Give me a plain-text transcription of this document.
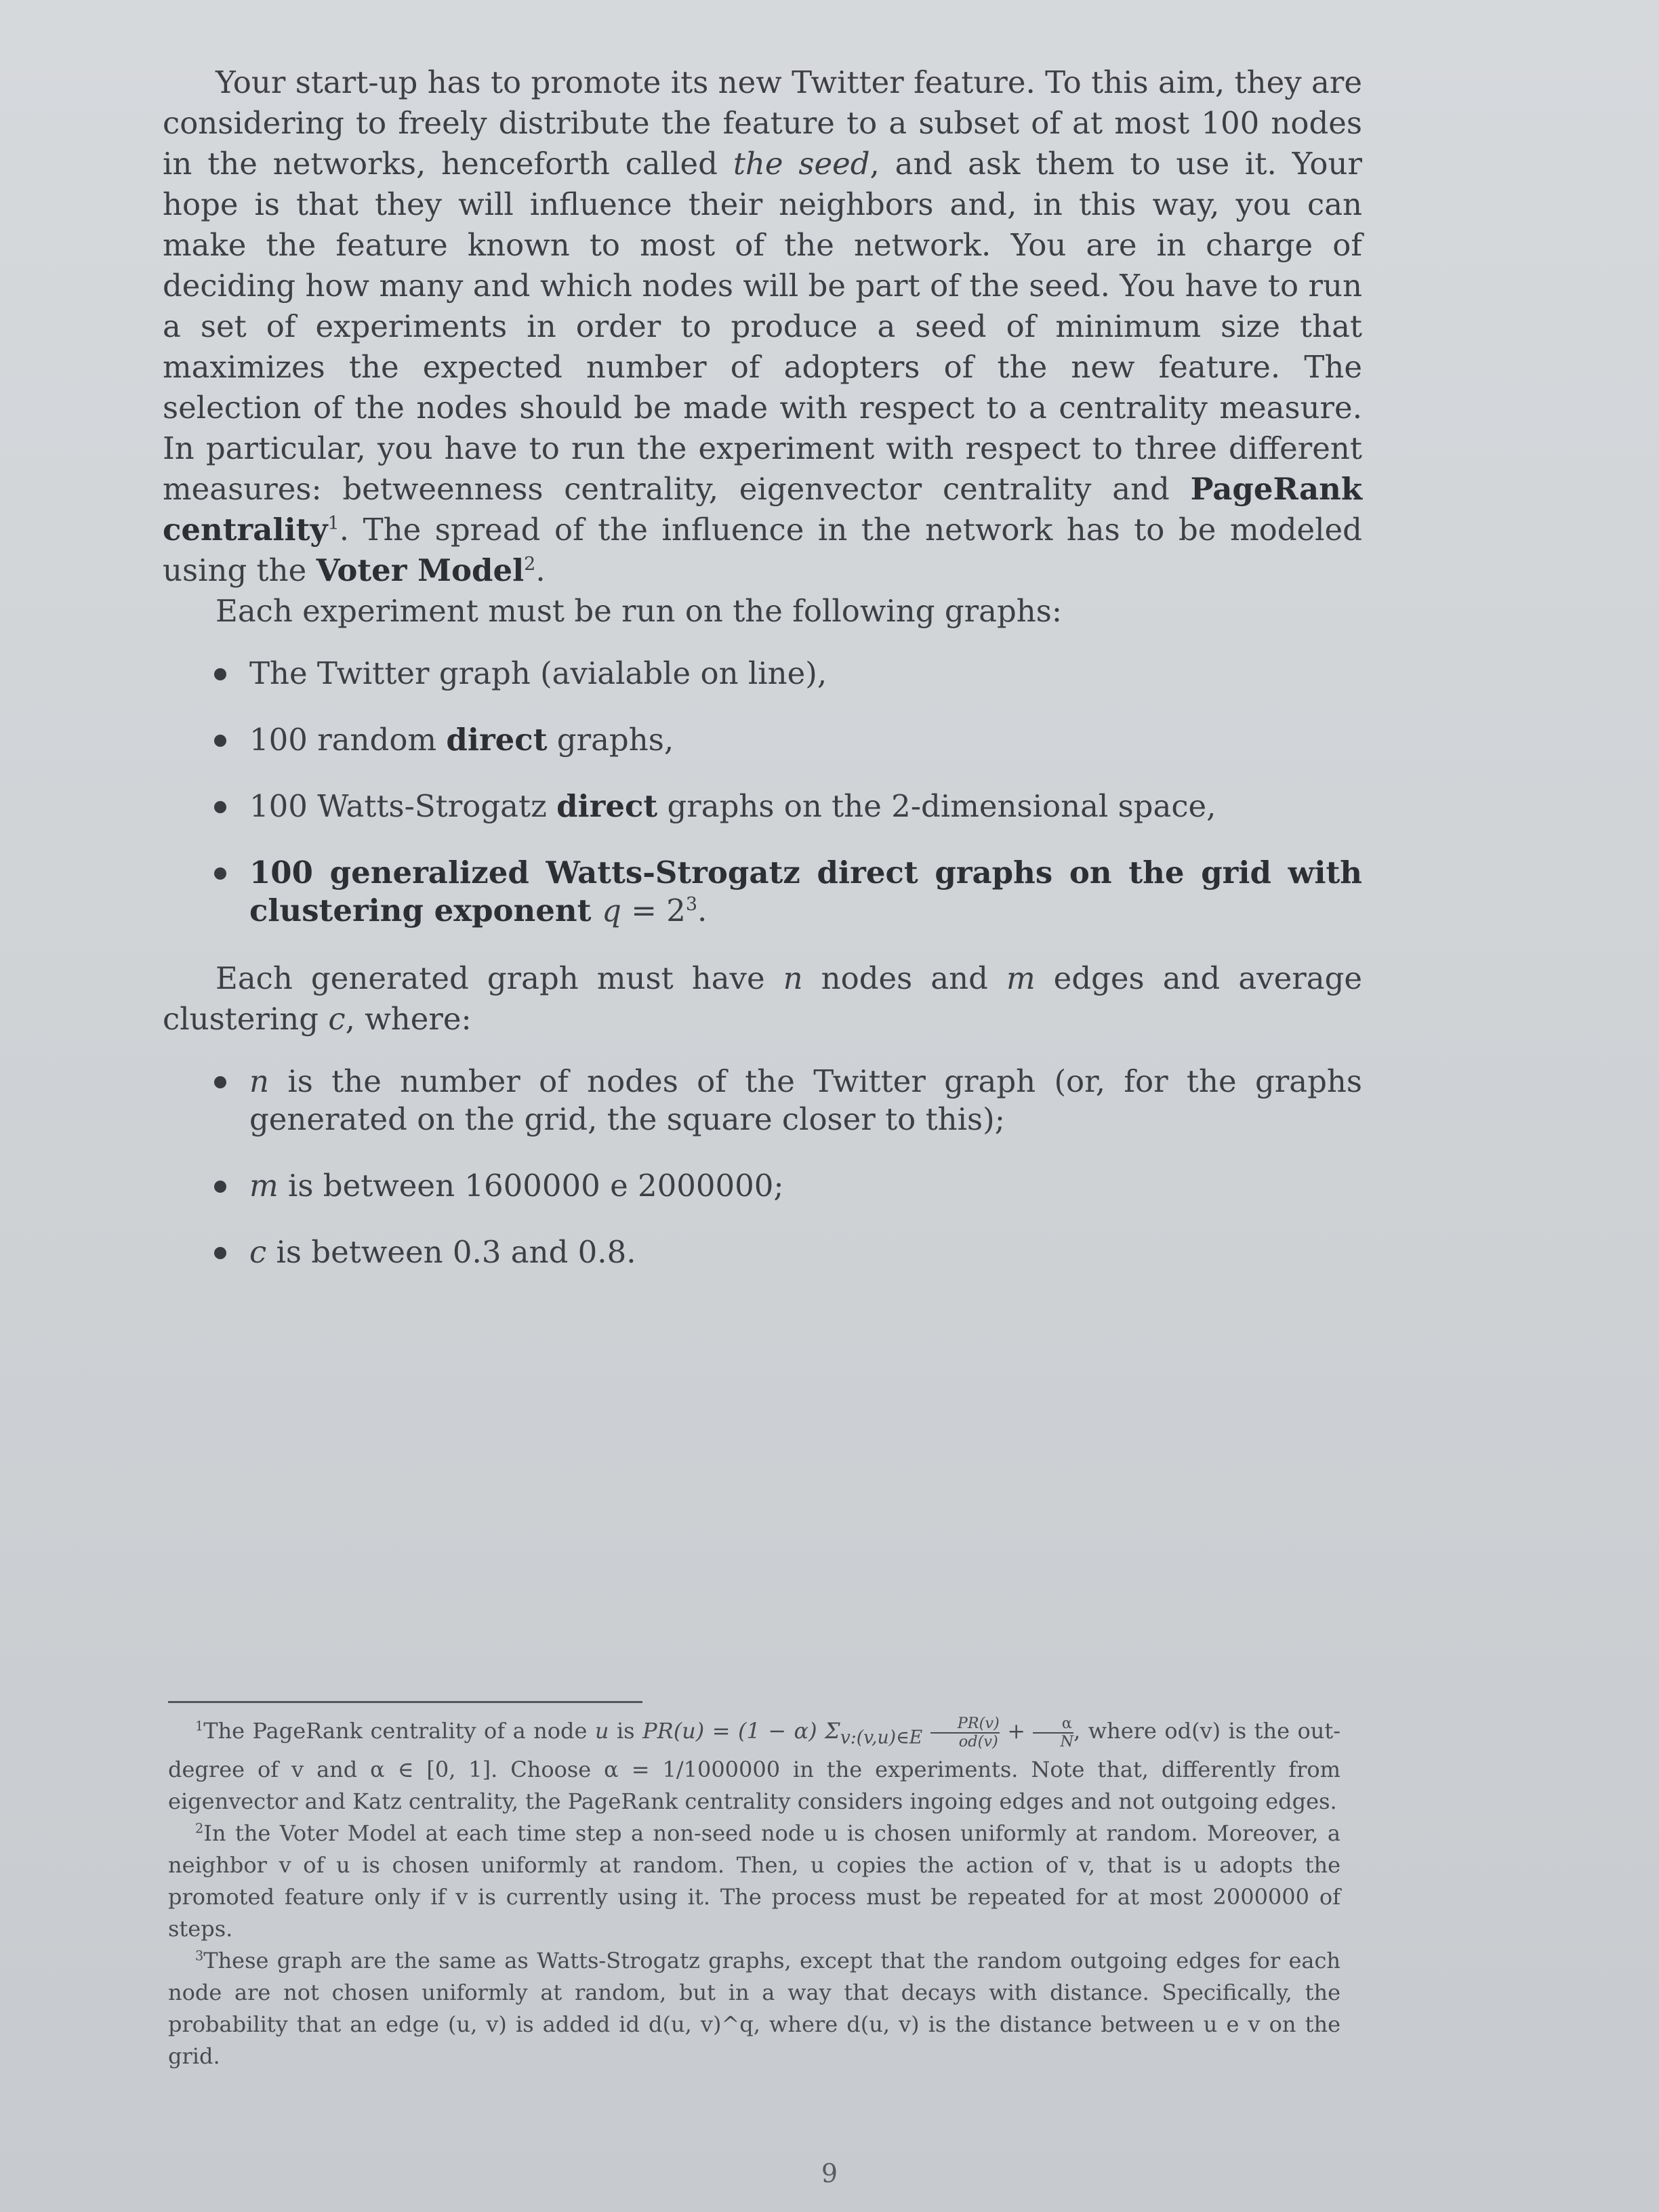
Your start-up has to promote its new Twitter feature. To this aim, they are considering to freely distribute the feature to a subset of at most 100 nodes in the networks, henceforth called the seed, and ask them to use it. Your hope is that they will influence their neighbors and, in this way, you can make the feature known to most of the network. You are in charge of deciding how many and which nodes will be part of the seed. You have to run a set of experiments in order to produce a seed of minimum size that maximizes the expected number of adopters of the new feature. The selection of the nodes should be made with respect to a centrality measure. In particular, you have to run the experiment with respect to three different measures: betweenness centrality, eigenvector centrality and PageRank centrality$^1$. The spread of the influence in the network has to be modeled using the Voter Model$^2$.

Each experiment must be run on the following graphs:

The Twitter graph (avialable on line),
100 random direct graphs,
100 Watts-Strogatz direct graphs on the 2-dimensional space,
100 generalized Watts-Strogatz direct graphs on the grid with clustering exponent $q = 2^3$.

Each generated graph must have n nodes and m edges and average clustering c, where:

n is the number of nodes of the Twitter graph (or, for the graphs generated on the grid, the square closer to this);
m is between 1600000 e 2000000;
c is between 0.3 and 0.8.

$^1$The PageRank centrality of a node u is PR(u) = (1 − α) $\Sigma_{v:(v,u)\in E} \frac{PR(v)}{od(v)} + \frac{\alpha}{N}$ , where od(v) is the out-degree of v and α ∈ [0, 1]. Choose α = 1/1000000 in the experiments. Note that, differently from eigenvector and Katz centrality, the PageRank centrality considers ingoing edges and not outgoing edges.

$^2$In the Voter Model at each time step a non-seed node u is chosen uniformly at random. Moreover, a neighbor v of u is chosen uniformly at random. Then, u copies the action of v, that is u adopts the promoted feature only if v is currently using it. The process must be repeated for at most 2000000 of steps.

$^3$These graph are the same as Watts-Strogatz graphs, except that the random outgoing edges for each node are not chosen uniformly at random, but in a way that decays with distance. Specifically, the probability that an edge (u, v) is added id d(u, v)^q, where d(u, v) is the distance between u e v on the grid.

9
